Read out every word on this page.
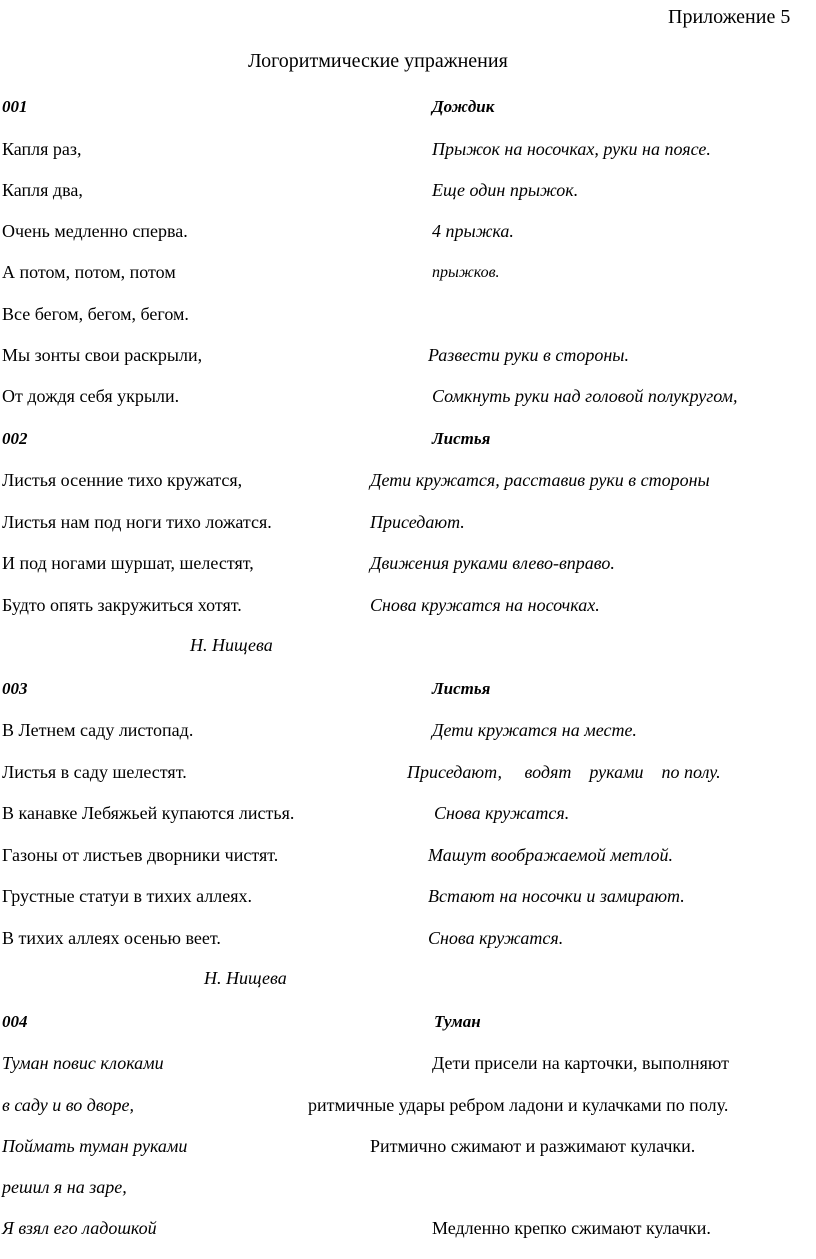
Приложение 5
Логоритмические упражнения
001	Дождик
Капля раз,	Прыжок на носочках, руки на поясе.
Капля два,	Еще один прыжок.
Очень медленно сперва.	4 прыжка.
А потом, потом, потом	прыжков.
Все бегом, бегом, бегом.
Мы зонты свои раскрыли,	Развести руки в стороны.
От дождя себя укрыли.	Сомкнуть руки над головой полукругом,
002	Листья
Листья осенние тихо кружатся,	Дети кружатся, расставив руки в стороны
Листья нам под ноги тихо ложатся.	Приседают.
И под ногами шуршат, шелестят,	Движения руками влево-вправо.
Будто опять закружиться хотят.	Снова кружатся на носочках.
Н. Нищева
003	Листья
В Летнем саду листопад.	Дети кружатся на месте.
Листья в саду шелестят.	Приседают,     водят    руками    по полу.
В канавке Лебяжьей купаются листья.	Снова кружатся.
Газоны от листьев дворники чистят.	Машут воображаемой метлой.
Грустные статуи в тихих аллеях.	Встают на носочки и замирают.
В тихих аллеях осенью веет.	Снова кружатся.
Н. Нищева
004	Туман
Туман повис клоками	Дети присели на карточки, выполняют
в саду и во дворе,	ритмичные удары ребром ладони и кулачками по полу.
Поймать туман руками	Ритмично сжимают и разжимают кулачки.
решил я на заре,
Я взял его ладошкой	Медленно крепко сжимают кулачки.
